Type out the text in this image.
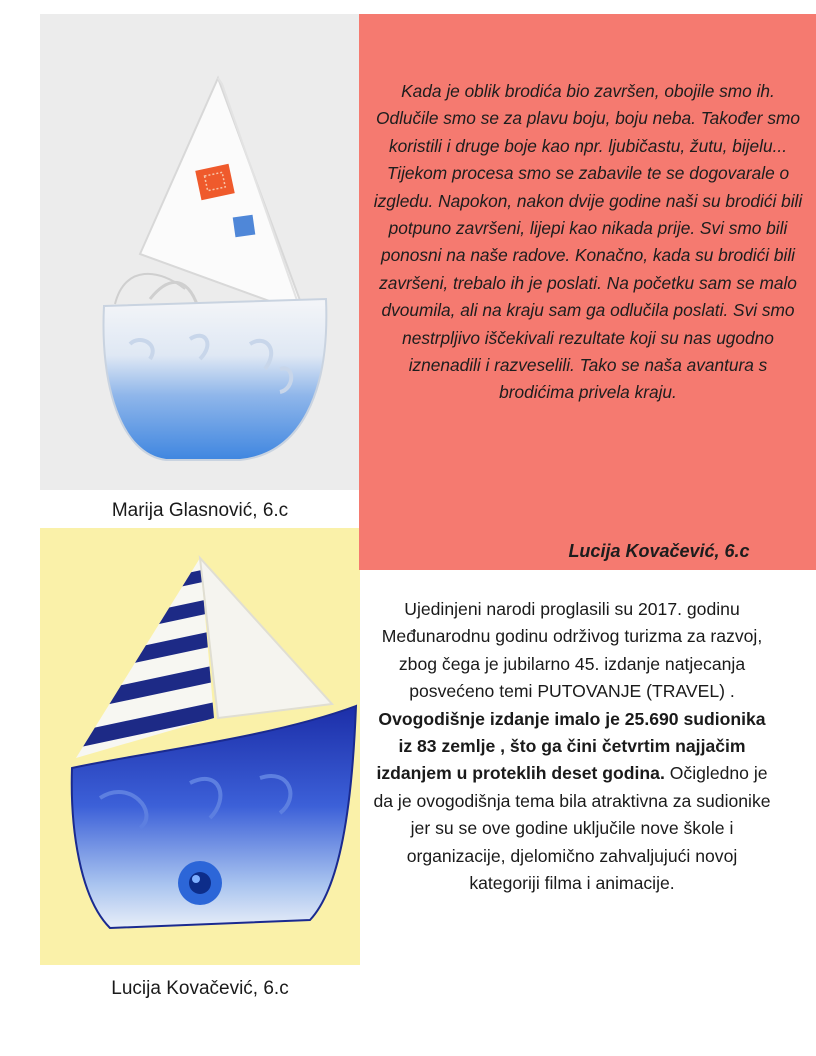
Marija Glasnović, 6.c
Lucija Kovačević, 6.c
Kada je oblik brodića bio završen, obojile smo ih. Odlučile smo se za plavu boju, boju neba. Također smo koristili i druge boje kao npr. ljubičastu, žutu, bijelu... Tijekom procesa smo se zabavile te se dogovarale o izgledu. Napokon, nakon dvije godine naši su brodići bili potpuno završeni, lijepi kao nikada prije. Svi smo bili ponosni na naše radove. Konačno, kada su brodići bili završeni, trebalo ih je poslati. Na početku sam se malo dvoumila, ali na kraju sam ga odlučila poslati. Svi smo nestrpljivo iščekivali rezultate koji su nas ugodno iznenadili i razveselili. Tako se naša avantura s brodićima privela kraju.
Lucija Kovačević, 6.c
Ujedinjeni narodi proglasili su 2017. godinu Međunarodnu godinu održivog turizma za razvoj, zbog čega je jubilarno 45. izdanje natjecanja posvećeno temi PUTOVANJE (TRAVEL) . Ovogodišnje izdanje imalo je 25.690 sudionika iz 83 zemlje , što ga čini četvrtim najjačim izdanjem u proteklih deset godina. Očigledno je da je ovogodišnja tema bila atraktivna za sudionike jer su se ove godine uključile nove škole i organizacije, djelomično zahvaljujući novoj kategoriji filma i animacije.
